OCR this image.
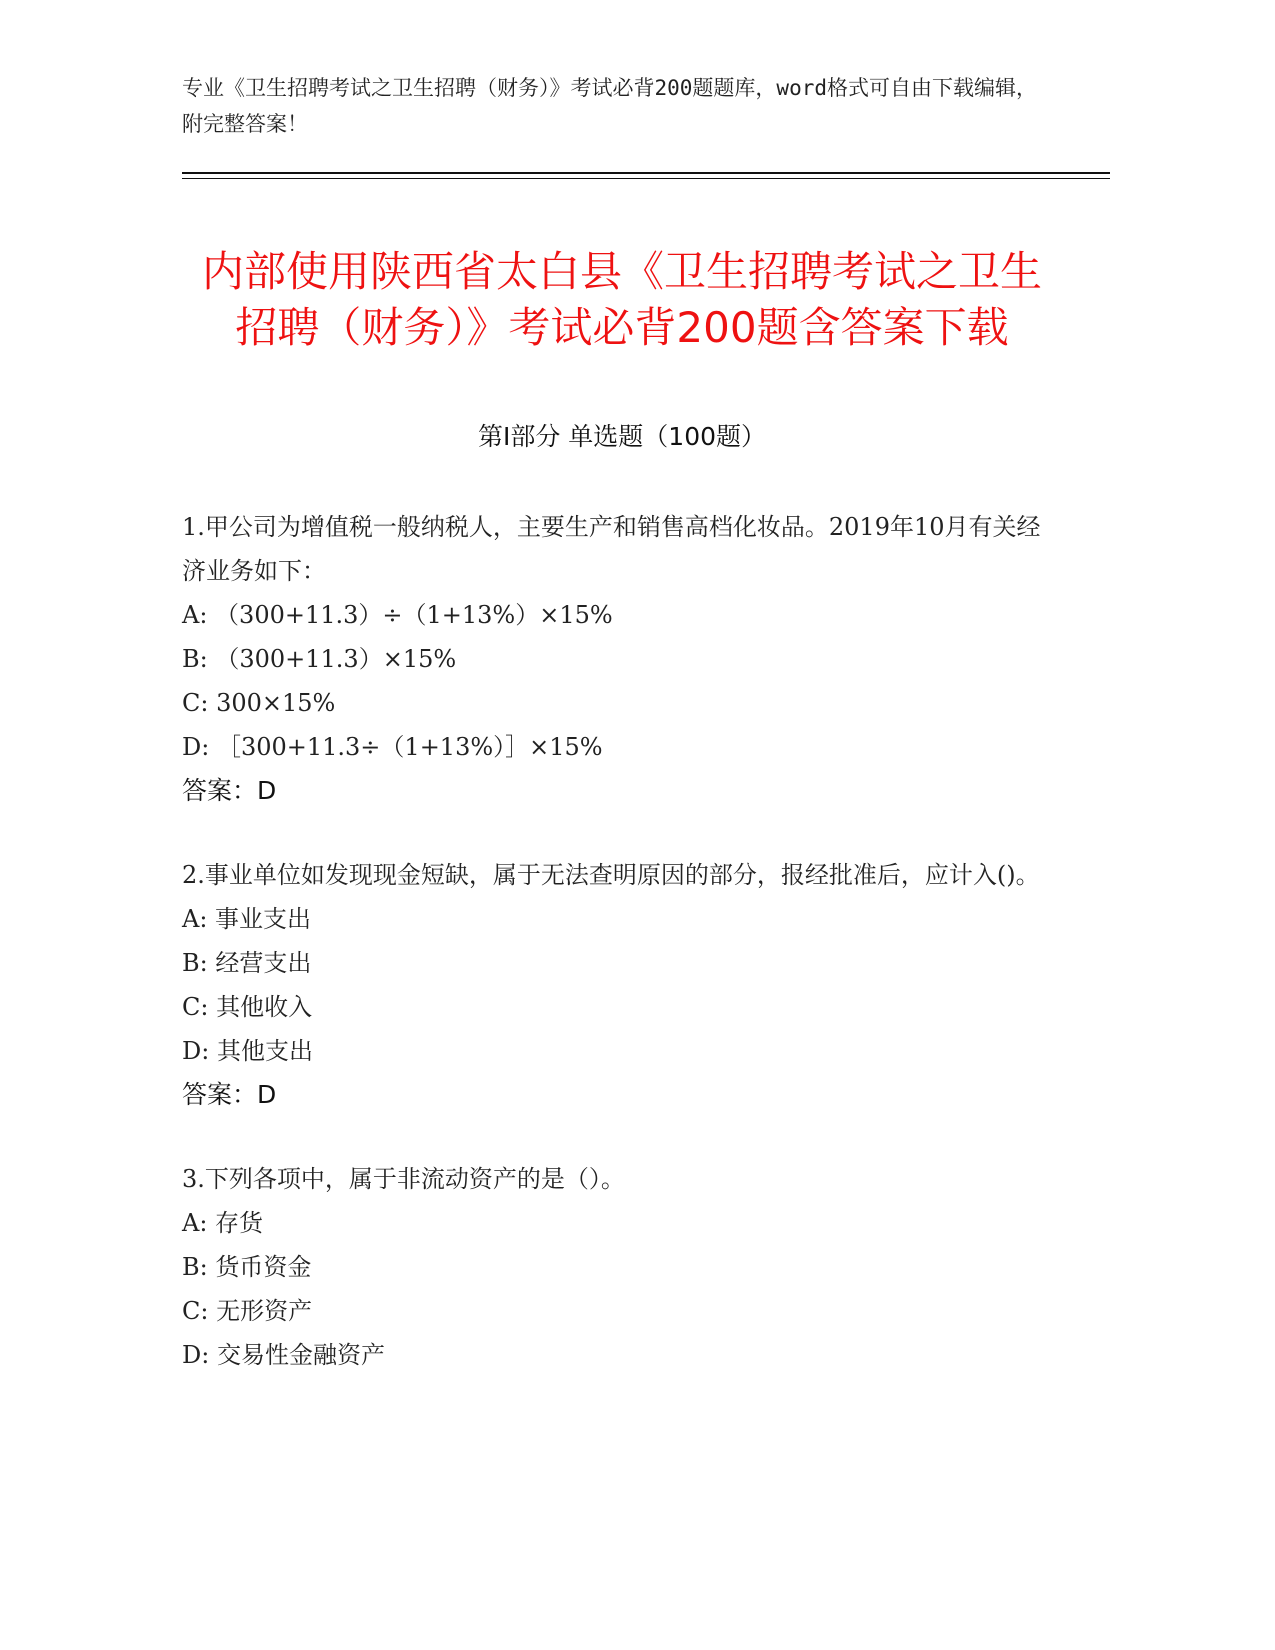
专业《卫生招聘考试之卫生招聘（财务）》考试必背200题题库，word格式可自由下载编辑，附完整答案！
内部使用陕西省太白县《卫生招聘考试之卫生招聘（财务）》考试必背200题含答案下载
第I部分 单选题（100题）
1.甲公司为增值税一般纳税人，主要生产和销售高档化妆品。2019年10月有关经济业务如下：
A: （300+11.3）÷（1+13%）×15%
B: （300+11.3）×15%
C: 300×15%
D: ［300+11.3÷（1+13%）］×15%
答案：D
2.事业单位如发现现金短缺，属于无法查明原因的部分，报经批准后，应计入()。
A: 事业支出
B: 经营支出
C: 其他收入
D: 其他支出
答案：D
3.下列各项中，属于非流动资产的是（）。
A: 存货
B: 货币资金
C: 无形资产
D: 交易性金融资产
